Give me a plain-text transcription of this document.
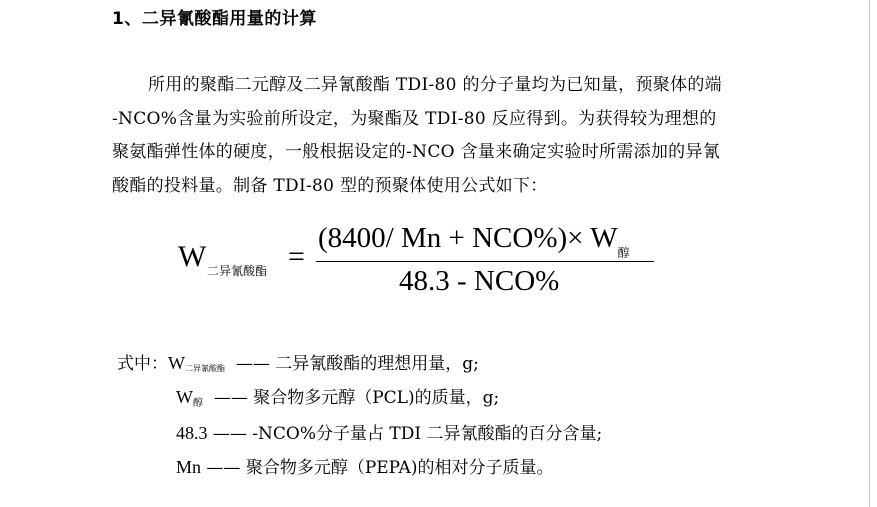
1、二异氰酸酯用量的计算
所用的聚酯二元醇及二异氰酸酯 TDI-80 的分子量均为已知量，预聚体的端
-NCO%含量为实验前所设定，为聚酯及 TDI-80 反应得到。为获得较为理想的
聚氨酯弹性体的硬度，一般根据设定的-NCO 含量来确定实验时所需添加的异氰
酸酯的投料量。制备 TDI-80 型的预聚体使用公式如下：
W 二异氰酸酯 =
(8400/ $Mn + NCO\%)\times W_醇$
48.3 - NCO%
式中：W二异氰酸酯 —— 二异氰酸酯的理想用量，g;
W醇 —— 聚合物多元醇（PCL)的质量，g;
48.3 —— -NCO%分子量占 TDI 二异氰酸酯的百分含量;
Mn —— 聚合物多元醇（PEPA)的相对分子质量。
